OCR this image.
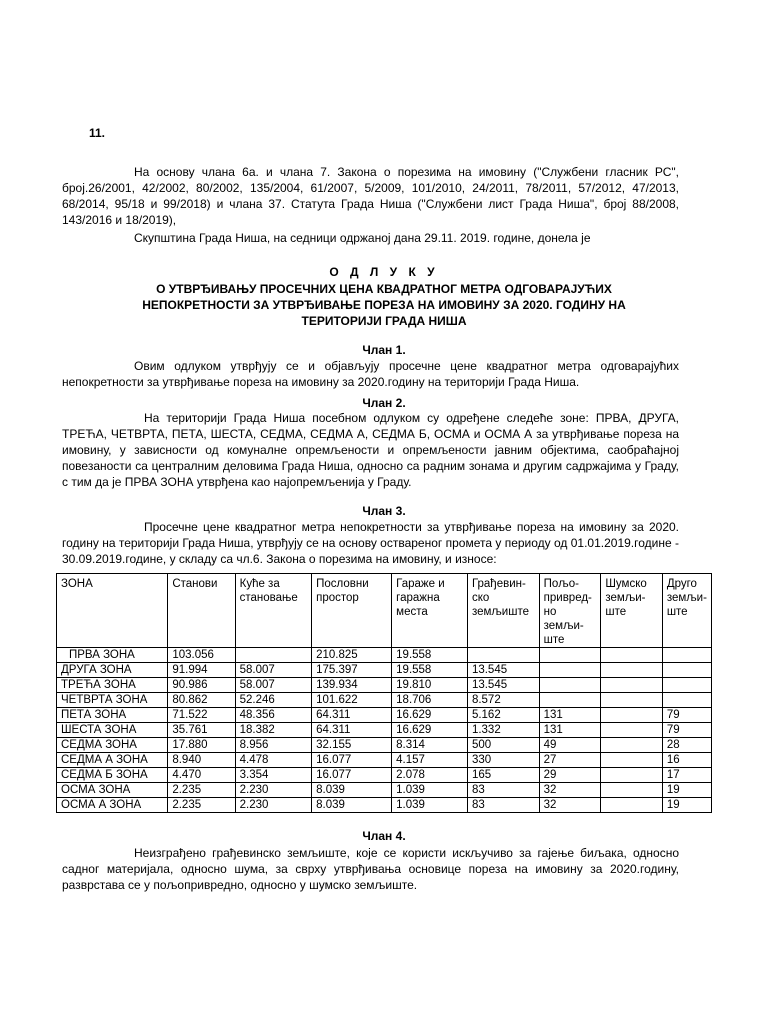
11.
На основу члана 6а. и члана 7. Закона о порезима на имовину ("Службени гласник РС", број.26/2001, 42/2002, 80/2002, 135/2004, 61/2007, 5/2009, 101/2010, 24/2011, 78/2011, 57/2012, 47/2013, 68/2014, 95/18 и 99/2018) и члана 37. Статута Града Ниша ("Службени лист Града Ниша", број 88/2008, 143/2016 и 18/2019),
Скупштина Града Ниша, на седници одржаној дана 29.11. 2019. године, донела је
О Д Л У К У
О УТВРЂИВАЊУ ПРОСЕЧНИХ ЦЕНА КВАДРАТНОГ МЕТРА ОДГОВАРАЈУЋИХ
НЕПОКРЕТНОСТИ ЗА УТВРЂИВАЊЕ ПОРЕЗА НА ИМОВИНУ ЗА 2020. ГОДИНУ НА
ТЕРИТОРИЈИ ГРАДА НИША
Члан 1.
Овим одлуком утврђују се и објављују просечне цене квадратног метра одговарајућих непокретности за утврђивање пореза на имовину за 2020.годину на територији Града Ниша.
Члан 2.
На територији Града Ниша посебном одлуком су одређене следеће зоне: ПРВА, ДРУГА, ТРЕЋА, ЧЕТВРТА, ПЕТА, ШЕСТА, СЕДМА, СЕДМА А, СЕДМА Б, ОСМА и ОСМА А за утврђивање пореза на имовину, у зависности од комуналне опремљености и опремљености јавним објектима, саобраћајној повезаности са централним деловима Града Ниша, односно са радним зонама и другим садржајима у Граду, с тим да је ПРВА ЗОНА утврђена као најопремљенија у Граду.
Члан 3.
Просечне цене квадратног метра непокретности за утврђивање пореза на имовину за 2020. годину на територији Града Ниша, утврђују се на основу оствареног промета у периоду од 01.01.2019.године - 30.09.2019.године, у складу са чл.6. Закона о порезима на имовину, и износе:
ЗОНА	Станови	Куће за становање	Пословни простор	Гараже и гаражна места	Грађевин-ско земљиште	Пољо-привред-но земљи-ште	Шумско земљи-ште	Друго земљи-ште
ПРВА ЗОНА	103.056		210.825	19.558				
ДРУГА ЗОНА	91.994	58.007	175.397	19.558	13.545			
ТРЕЋА ЗОНА	90.986	58.007	139.934	19.810	13.545			
ЧЕТВРТА ЗОНА	80.862	52.246	101.622	18.706	8.572			
ПЕТА ЗОНА	71.522	48.356	64.311	16.629	5.162	131		79
ШЕСТА ЗОНА	35.761	18.382	64.311	16.629	1.332	131		79
СЕДМА ЗОНА	17.880	8.956	32.155	8.314	500	49		28
СЕДМА А ЗОНА	8.940	4.478	16.077	4.157	330	27		16
СЕДМА Б ЗОНА	4.470	3.354	16.077	2.078	165	29		17
ОСМА ЗОНА	2.235	2.230	8.039	1.039	83	32		19
ОСМА А ЗОНА	2.235	2.230	8.039	1.039	83	32		19
Члан 4.
Неизграђено грађевинско земљиште, које се користи искључиво за гајење биљака, односно садног материјала, односно шума, за сврху утврђивања основице пореза на имовину за 2020.годину, разврстава се у пољопривредно, односно у шумско земљиште.
